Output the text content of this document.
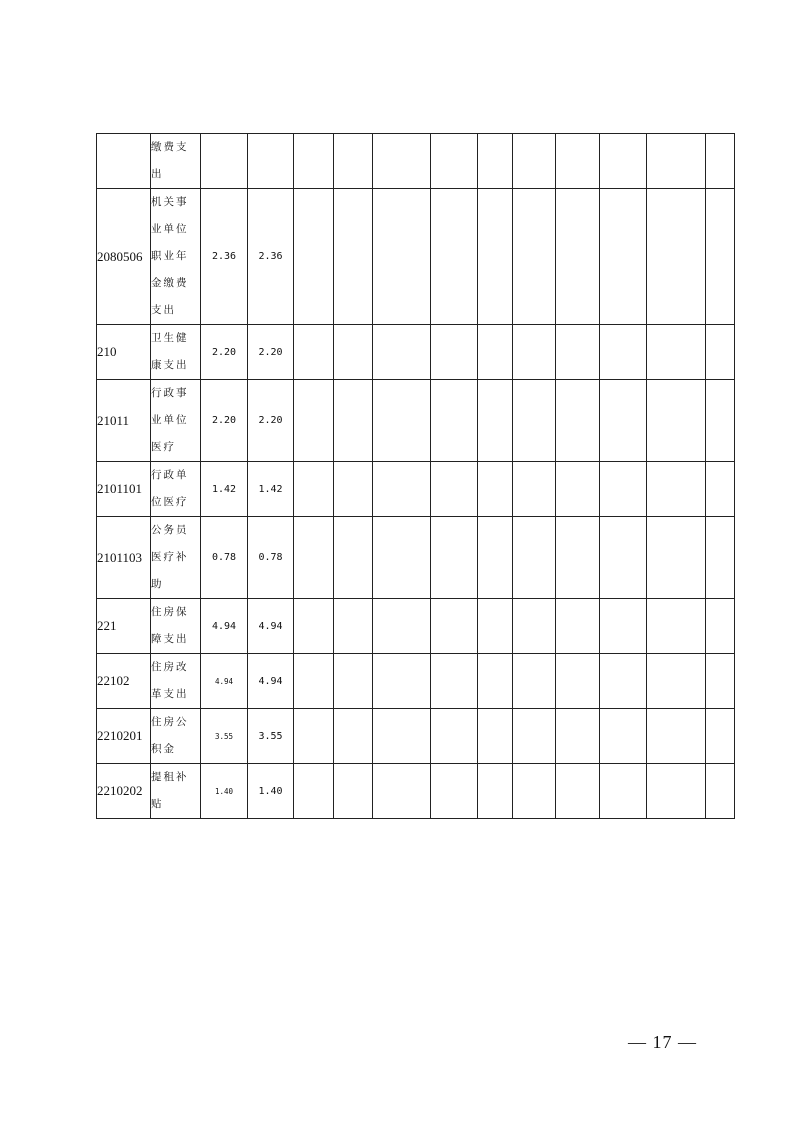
	缴费支出												
2080506	机关事业单位职业年金缴费支出	2.36	2.36										
210	卫生健康支出	2.20	2.20										
21011	行政事业单位医疗	2.20	2.20										
2101101	行政单位医疗	1.42	1.42										
2101103	公务员医疗补助	0.78	0.78										
221	住房保障支出	4.94	4.94										
22102	住房改革支出	4.94	4.94										
2210201	住房公积金	3.55	3.55										
2210202	提租补贴	1.40	1.40										
— 17 —
